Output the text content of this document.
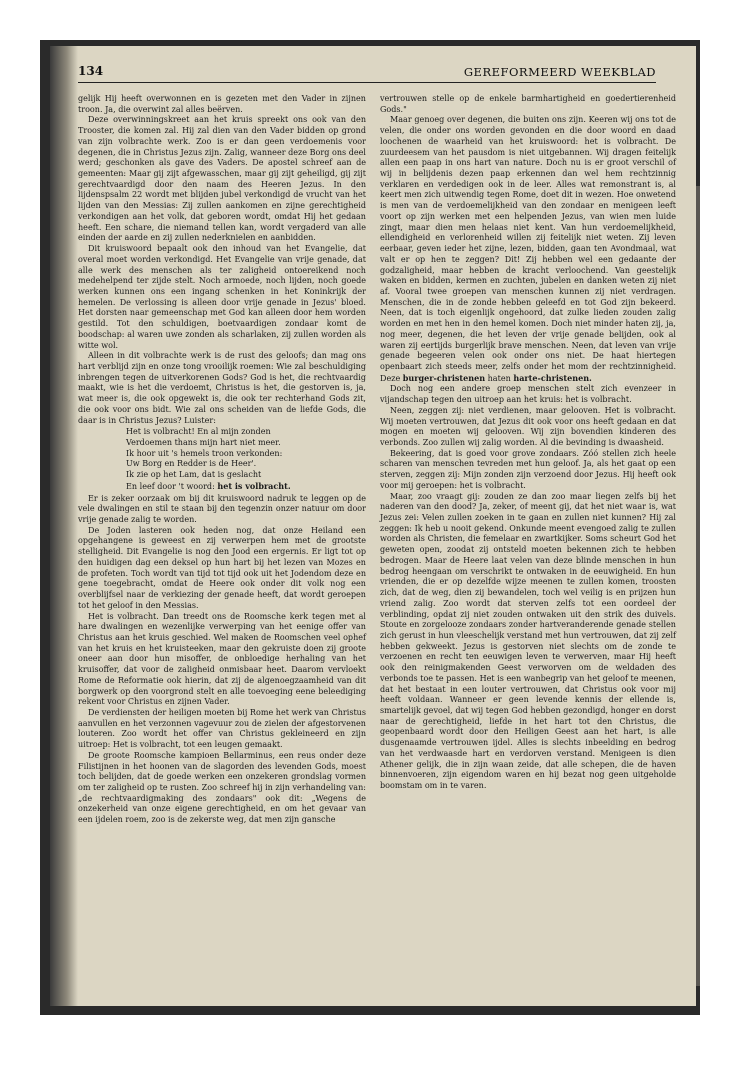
134	GEREFORMEERD WEEKBLAD

gelijk Hij heeft overwonnen en is gezeten met den Vader in zijnen troon. Ja, die overwint zal alles beërven.

Deze overwinningskreet aan het kruis spreekt ons ook van den Trooster, die komen zal. Hij zal dien van den Vader bidden op grond van zijn volbrachte werk. Zoo is er dan geen verdoemenis voor degenen, die in Christus Jezus zijn. Zalig, wanneer deze Borg ons deel werd; geschonken als gave des Vaders. De apostel schreef aan de gemeenten: Maar gij zijt afgewasschen, maar gij zijt geheiligd, gij zijt gerechtvaardigd door den naam des Heeren Jezus. In den lijdenspsalm 22 wordt met blijden jubel verkondigd de vrucht van het lijden van den Messias: Zij zullen aankomen en zijne gerechtigheid verkondigen aan het volk, dat geboren wordt, omdat Hij het gedaan heeft. Een schare, die niemand tellen kan, wordt vergaderd van alle einden der aarde en zij zullen nederknielen en aanbidden.

Dit kruiswoord bepaalt ook den inhoud van het Evangelie, dat overal moet worden verkondigd. Het Evangelie van vrije genade, dat alle werk des menschen als ter zaligheid ontoereikend noch medehelpend ter zijde stelt. Noch armoede, noch lijden, noch goede werken kunnen ons een ingang schenken in het Koninkrijk der hemelen. De verlossing is alleen door vrije genade in Jezus' bloed. Het dorsten naar gemeenschap met God kan alleen door hem worden gestild. Tot den schuldigen, boetvaardigen zondaar komt de boodschap: al waren uwe zonden als scharlaken, zij zullen worden als witte wol.

Alleen in dit volbrachte werk is de rust des geloofs; dan mag ons hart verblijd zijn en onze tong vrooilijk roemen: Wie zal beschuldiging inbrengen tegen de uitverkorenen Gods? God is het, die rechtvaardig maakt, wie is het die verdoemt, Christus is het, die gestorven is, ja, wat meer is, die ook opgewekt is, die ook ter rechterhand Gods zit, die ook voor ons bidt. Wie zal ons scheiden van de liefde Gods, die daar is in Christus Jezus? Luister:

Het is volbracht! En al mijn zonden
Verdoemen thans mijn hart niet meer.
Ik hoor uit 's hemels troon verkonden:
Uw Borg en Redder is de Heer'.
Ik zie op het Lam, dat is geslacht
En leef door 't woord: het is volbracht.

Er is zeker oorzaak om bij dit kruiswoord nadruk te leggen op de vele dwalingen en stil te staan bij den tegenzin onzer natuur om door vrije genade zalig te worden.

De Joden lasteren ook heden nog, dat onze Heiland een opgehangene is geweest en zij verwerpen hem met de grootste stelligheid. Dit Evangelie is nog den Jood een ergernis. Er ligt tot op den huidigen dag een deksel op hun hart bij het lezen van Mozes en de profeten. Toch wordt van tijd tot tijd ook uit het Jodendom deze en gene toegebracht, omdat de Heere ook onder dit volk nog een overblijfsel naar de verkiezing der genade heeft, dat wordt geroepen tot het geloof in den Messias.

Het is volbracht. Dan treedt ons de Roomsche kerk tegen met al hare dwalingen en wezenlijke verwerping van het eenige offer van Christus aan het kruis geschied. Wel maken de Roomschen veel ophef van het kruis en het kruisteeken, maar den gekruiste doen zij groote oneer aan door hun misoffer, de onbloedige herhaling van het kruisoffer, dat voor de zaligheid onmisbaar heet. Daarom vervloekt Rome de Reformatie ook hierin, dat zij de algenoegzaamheid van dit borgwerk op den voorgrond stelt en alle toevoeging eene beleediging rekent voor Christus en zijnen Vader.

De verdiensten der heiligen moeten bij Rome het werk van Christus aanvullen en het verzonnen vagevuur zou de zielen der afgestorvenen louteren. Zoo wordt het offer van Christus gekleineerd en zijn uitroep: Het is volbracht, tot een leugen gemaakt.

De groote Roomsche kampioen Bellarminus, een reus onder deze Filistijnen in het hoonen van de slagorden des levenden Gods, moest toch belijden, dat de goede werken een onzekeren grondslag vormen om ter zaligheid op te rusten. Zoo schreef hij in zijn verhandeling van: „de rechtvaardigmaking des zondaars" ook dit: „Wegens de onzekerheid van onze eigene gerechtigheid, en om het gevaar van een ijdelen roem, zoo is de zekerste weg, dat men zijn gansche

vertrouwen stelle op de enkele barmhartigheid en goedertierenheid Gods."

Maar genoeg over degenen, die buiten ons zijn. Keeren wij ons tot de velen, die onder ons worden gevonden en die door woord en daad loochenen de waarheid van het kruiswoord: het is volbracht. De zuurdeesem van het pausdom is niet uitgebannen. Wij dragen feitelijk allen een paap in ons hart van nature. Doch nu is er groot verschil of wij in belijdenis dezen paap erkennen dan wel hem rechtzinnig verklaren en verdedigen ook in de leer. Alles wat remonstrant is, al keert men zich uitwendig tegen Rome, doet dit in wezen. Hoe onwetend is men van de verdoemelijkheid van den zondaar en menigeen leeft voort op zijn werken met een helpenden Jezus, van wien men luide zingt, maar dien men helaas niet kent. Van hun verdoemelijkheid, ellendigheid en verlorenheid willen zij feitelijk niet weten. Zij leven eerbaar, geven ieder het zijne, lezen, bidden, gaan ten Avondmaal, wat valt er op hen te zeggen? Dit! Zij hebben wel een gedaante der godzaligheid, maar hebben de kracht verloochend. Van geestelijk waken en bidden, kermen en zuchten, jubelen en danken weten zij niet af. Vooral twee groepen van menschen kunnen zij niet verdragen. Menschen, die in de zonde hebben geleefd en tot God zijn bekeerd. Neen, dat is toch eigenlijk ongehoord, dat zulke lieden zouden zalig worden en met hen in den hemel komen. Doch niet minder haten zij, ja, nog meer, degenen, die het leven der vrije genade belijden, ook al waren zij eertijds burgerlijk brave menschen. Neen, dat leven van vrije genade begeeren velen ook onder ons niet. De haat hiertegen openbaart zich steeds meer, zelfs onder het mom der rechtzinnigheid. Deze burger-christenen haten harte-christenen.

Doch nog een andere groep menschen stelt zich evenzeer in vijandschap tegen den uitroep aan het kruis: het is volbracht.

Neen, zeggen zij: niet verdienen, maar gelooven. Het is volbracht. Wij moeten vertrouwen, dat Jezus dit ook voor ons heeft gedaan en dat mogen en moeten wij gelooven. Wij zijn bovendien kinderen des verbonds. Zoo zullen wij zalig worden. Al die bevinding is dwaasheid.

Bekeering, dat is goed voor grove zondaars. Zóó stellen zich heele scharen van menschen tevreden met hun geloof. Ja, als het gaat op een sterven, zeggen zij: Mijn zonden zijn verzoend door Jezus. Hij heeft ook voor mij geroepen: het is volbracht.

Maar, zoo vraagt gij: zouden ze dan zoo maar liegen zelfs bij het naderen van den dood? Ja, zeker, of meent gij, dat het niet waar is, wat Jezus zei: Velen zullen zoeken in te gaan en zullen niet kunnen? Hij zal zeggen: Ik heb u nooit gekend. Onkunde meent evengoed zalig te zullen worden als Christen, die femelaar en zwartkijker. Soms scheurt God het geweten open, zoodat zij ontsteld moeten bekennen zich te hebben bedrogen. Maar de Heere laat velen van deze blinde menschen in hun bedrog heengaan om verschrikt te ontwaken in de eeuwigheid. En hun vrienden, die er op dezelfde wijze meenen te zullen komen, troosten zich, dat de weg, dien zij bewandelen, toch wel veilig is en prijzen hun vriend zalig. Zoo wordt dat sterven zelfs tot een oordeel der verblinding, opdat zij niet zouden ontwaken uit den strik des duivels. Stoute en zorgelooze zondaars zonder hartveranderende genade stellen zich gerust in hun vleeschelijk verstand met hun vertrouwen, dat zij zelf hebben gekweekt. Jezus is gestorven niet slechts om de zonde te verzoenen en recht ten eeuwigen leven te verwerven, maar Hij heeft ook den reinigmakenden Geest verworven om de weldaden des verbonds toe te passen. Het is een wanbegrip van het geloof te meenen, dat het bestaat in een louter vertrouwen, dat Christus ook voor mij heeft voldaan. Wanneer er geen levende kennis der ellende is, smartelijk gevoel, dat wij tegen God hebben gezondigd, honger en dorst naar de gerechtigheid, liefde in het hart tot den Christus, die geopenbaard wordt door den Heiligen Geest aan het hart, is alle dusgenaamde vertrouwen ijdel. Alles is slechts inbeelding en bedrog van het verdwaasde hart en verdorven verstand. Menigeen is dien Athener gelijk, die in zijn waan zeide, dat alle schepen, die de haven binnenvoeren, zijn eigendom waren en hij bezat nog geen uitgeholde boomstam om in te varen.
